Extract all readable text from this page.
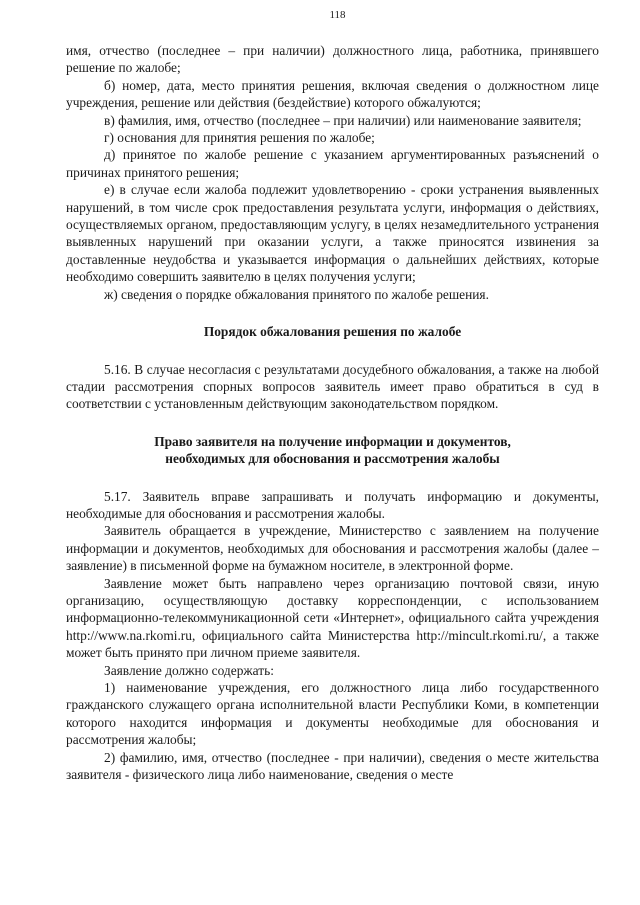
118

имя, отчество (последнее – при наличии) должностного лица, работника, принявшего решение по жалобе;

б) номер, дата, место принятия решения, включая сведения о должностном лице учреждения, решение или действия (бездействие) которого обжалуются;

в) фамилия, имя, отчество (последнее – при наличии) или наименование заявителя;

г) основания для принятия решения по жалобе;

д) принятое по жалобе решение с указанием аргументированных разъяснений о причинах принятого решения;

е) в случае если жалоба подлежит удовлетворению - сроки устранения выявленных нарушений, в том числе срок предоставления результата услуги, информация о действиях, осуществляемых органом, предоставляющим услугу, в целях незамедлительного устранения выявленных нарушений при оказании услуги, а также приносятся извинения за доставленные неудобства и указывается информация о дальнейших действиях, которые необходимо совершить заявителю в целях получения услуги;

ж) сведения о порядке обжалования принятого по жалобе решения.

Порядок обжалования решения по жалобе

5.16. В случае несогласия с результатами досудебного обжалования, а также на любой стадии рассмотрения спорных вопросов заявитель имеет право обратиться в суд в соответствии с установленным действующим законодательством порядком.

Право заявителя на получение информации и документов,

необходимых для обоснования и рассмотрения жалобы

5.17. Заявитель вправе запрашивать и получать информацию и документы, необходимые для обоснования и рассмотрения жалобы.

Заявитель обращается в учреждение, Министерство с заявлением на получение информации и документов, необходимых для обоснования и рассмотрения жалобы (далее – заявление) в письменной форме на бумажном носителе, в электронной форме.

Заявление может быть направлено через организацию почтовой связи, иную организацию, осуществляющую доставку корреспонденции, с использованием информационно-телекоммуникационной сети «Интернет», официального сайта учреждения http://www.na.rkomi.ru, официального сайта Министерства http://mincult.rkomi.ru/, а также может быть принято при личном приеме заявителя.

Заявление должно содержать:

1) наименование учреждения, его должностного лица либо государственного гражданского служащего органа исполнительной власти Республики Коми, в компетенции которого находится информация и документы необходимые для обоснования и рассмотрения жалобы;

2) фамилию, имя, отчество (последнее - при наличии), сведения о месте жительства заявителя - физического лица либо наименование, сведения о месте
